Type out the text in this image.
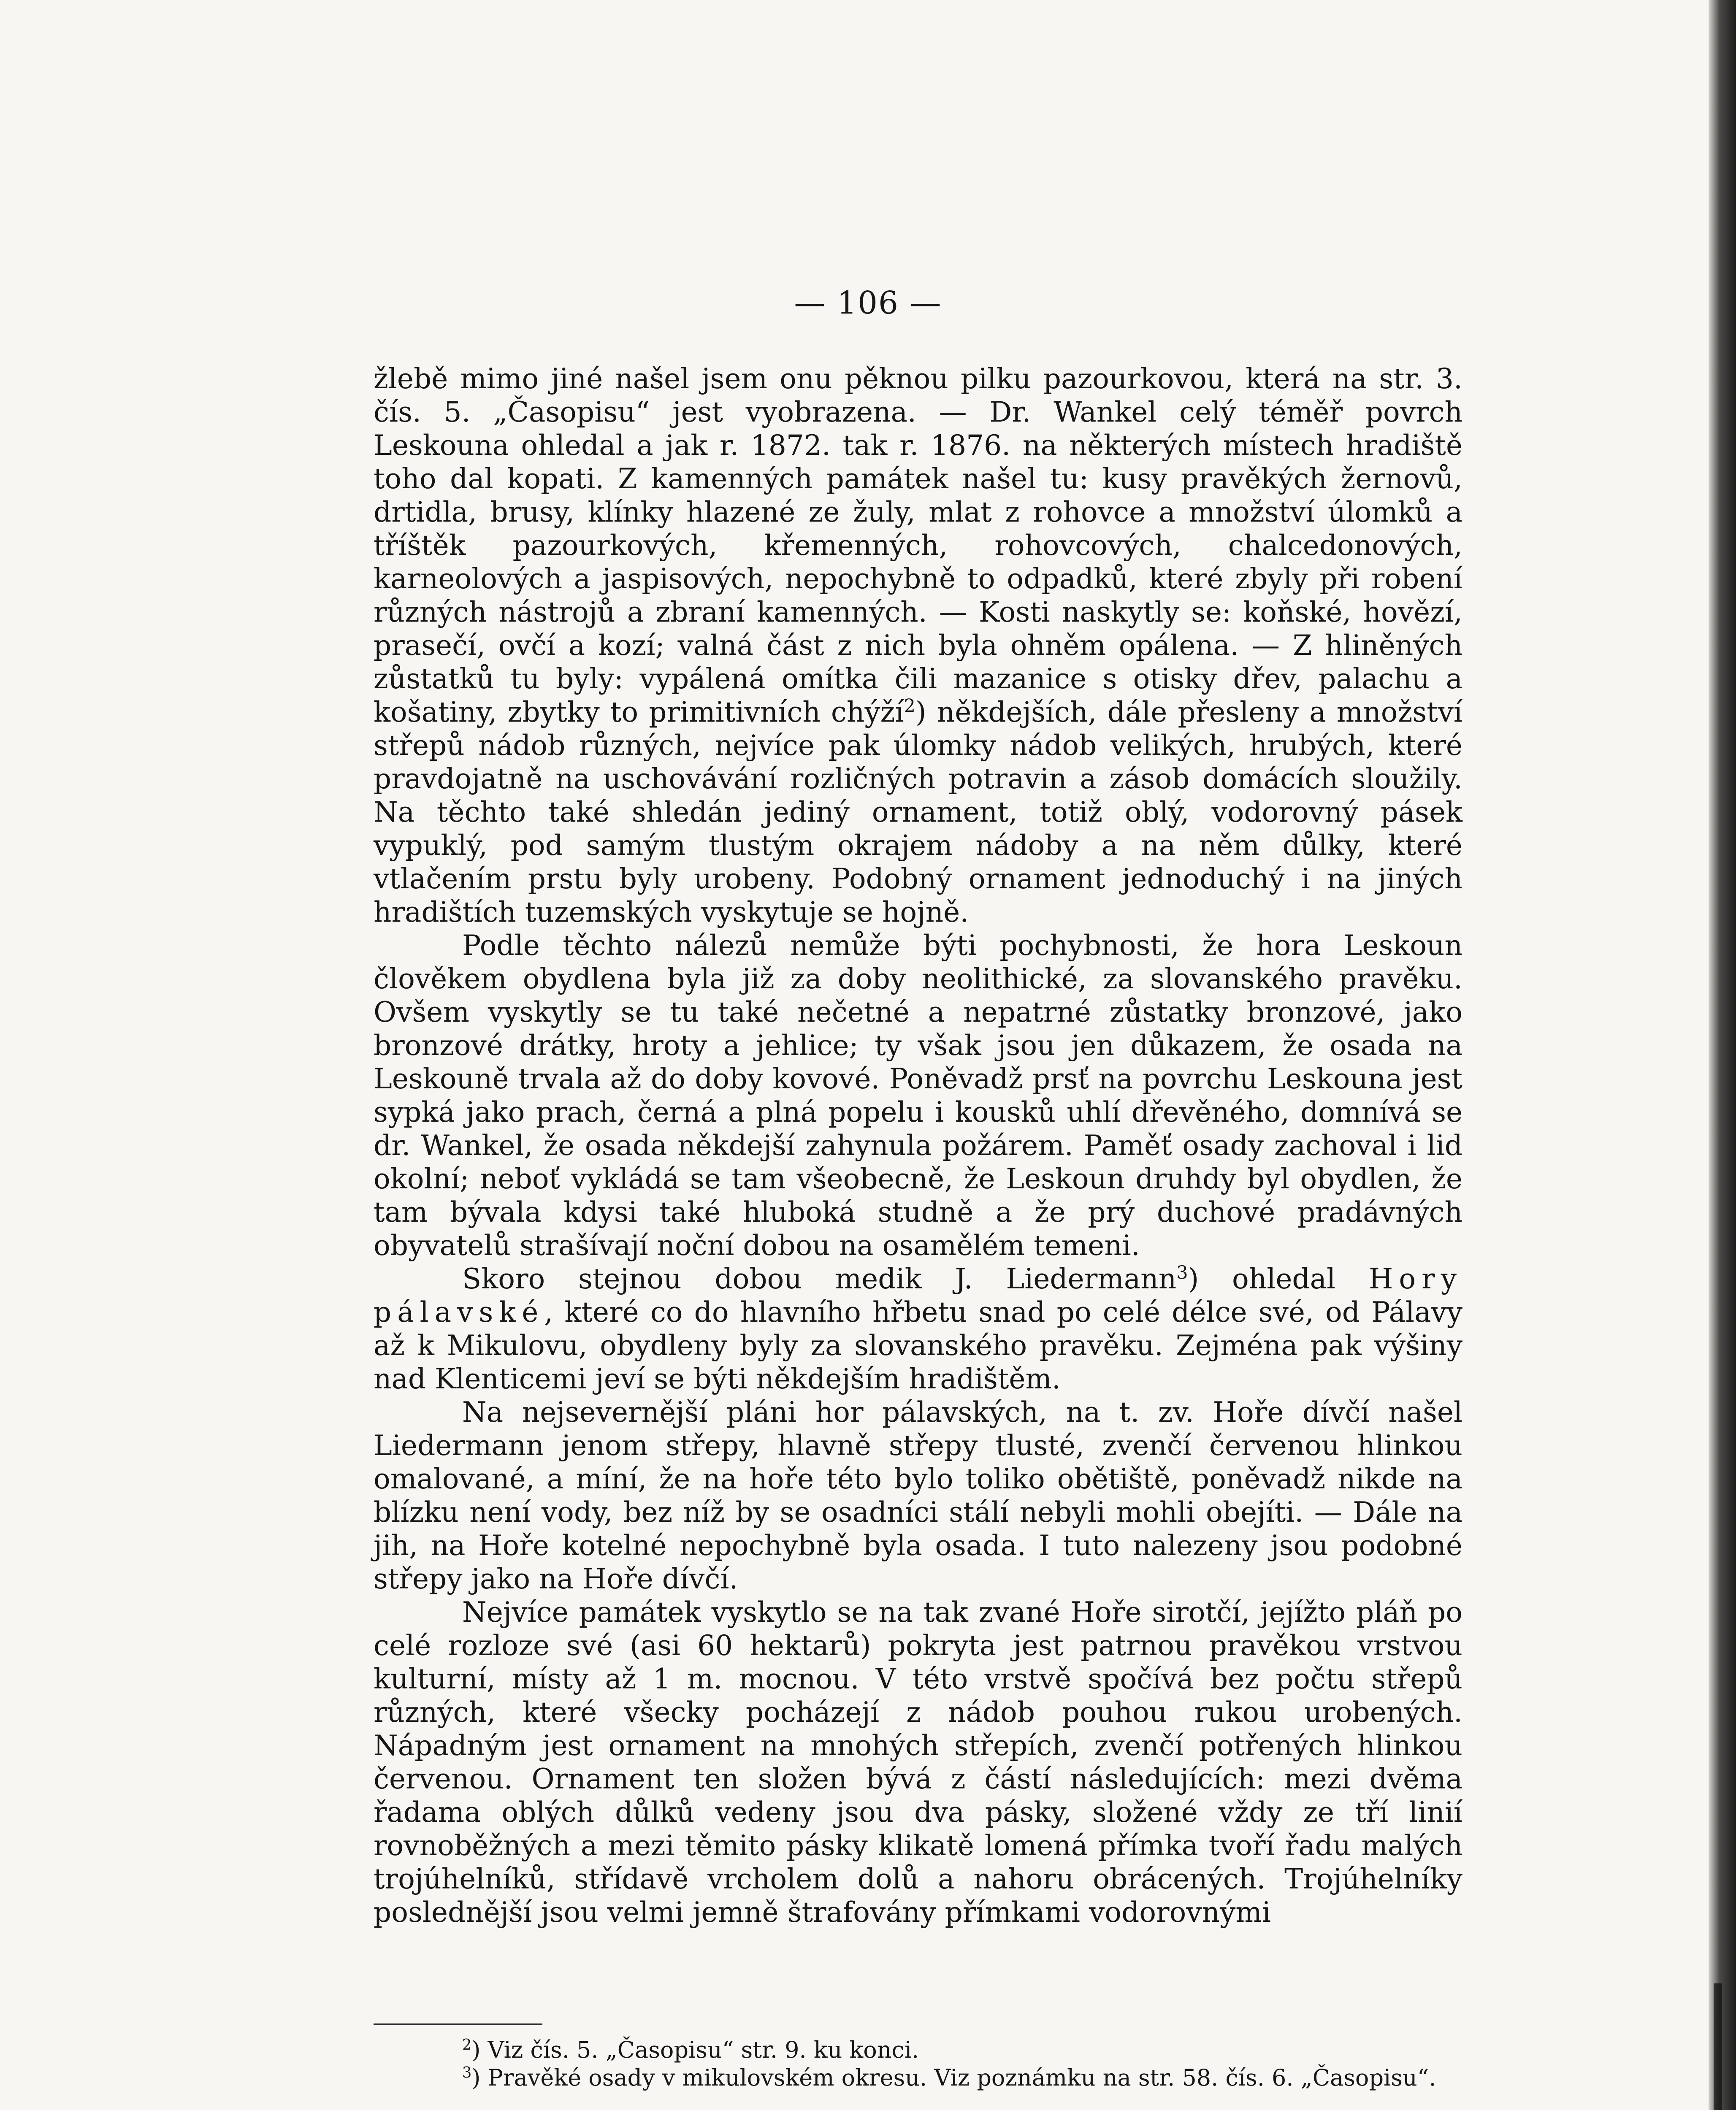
— 106 —

žlebě mimo jiné našel jsem onu pěknou pilku pazourkovou, která na str. 3. čís. 5. „Časopisu“ jest vyobrazena. — Dr. Wankel celý téměř povrch Leskouna ohledal a jak r. 1872. tak r. 1876. na některých místech hradiště toho dal kopati. Z kamenných památek našel tu: kusy pravěkých žernovů, drtidla, brusy, klínky hlazené ze žuly, mlat z rohovce a množství úlomků a tříštěk pazourkových, křemenných, rohovcových, chalcedonových, karneolových a jaspisových, nepochybně to odpadků, které zbyly při robení různých nástrojů a zbraní kamenných. — Kosti naskytly se: koňské, hovězí, prasečí, ovčí a kozí; valná část z nich byla ohněm opálena. — Z hliněných zůstatků tu byly: vypálená omítka čili mazanice s otisky dřev, palachu a košatiny, zbytky to primitivních chýží$^2$) někdejších, dále přesleny a množství střepů nádob různých, nejvíce pak úlomky nádob velikých, hrubých, které pravdojatně na uschovávání rozličných potravin a zásob domácích sloužily. Na těchto také shledán jediný ornament, totiž oblý, vodorovný pásek vypuklý, pod samým tlustým okrajem nádoby a na něm důlky, které vtlačením prstu byly urobeny. Podobný ornament jednoduchý i na jiných hradištích tuzemských vyskytuje se hojně.

Podle těchto nálezů nemůže býti pochybnosti, že hora Leskoun člověkem obydlena byla již za doby neolithické, za slovanského pravěku. Ovšem vyskytly se tu také nečetné a nepatrné zůstatky bronzové, jako bronzové drátky, hroty a jehlice; ty však jsou jen důkazem, že osada na Leskouně trvala až do doby kovové. Poněvadž prsť na povrchu Leskouna jest sypká jako prach, černá a plná popelu i kousků uhlí dřevěného, domnívá se dr. Wankel, že osada někdejší zahynula požárem. Paměť osady zachoval i lid okolní; neboť vykládá se tam všeobecně, že Leskoun druhdy byl obydlen, že tam bývala kdysi také hluboká studně a že prý duchové pradávných obyvatelů strašívají noční dobou na osamělém temeni.

Skoro stejnou dobou medik J. Liedermann$^3$) ohledal Hory pálavské, které co do hlavního hřbetu snad po celé délce své, od Pálavy až k Mikulovu, obydleny byly za slovanského pravěku. Zejména pak výšiny nad Klenticemi jeví se býti někdejším hradištěm.

Na nejsevernější pláni hor pálavských, na t. zv. Hoře dívčí našel Liedermann jenom střepy, hlavně střepy tlusté, zvenčí červenou hlinkou omalované, a míní, že na hoře této bylo toliko obětiště, poněvadž nikde na blízku není vody, bez níž by se osadníci stálí nebyli mohli obejíti. — Dále na jih, na Hoře kotelné nepochybně byla osada. I tuto nalezeny jsou podobné střepy jako na Hoře dívčí.

Nejvíce památek vyskytlo se na tak zvané Hoře sirotčí, jejížto pláň po celé rozloze své (asi 60 hektarů) pokryta jest patrnou pravěkou vrstvou kulturní, místy až 1 m. mocnou. V této vrstvě spočívá bez počtu střepů různých, které všecky pocházejí z nádob pouhou rukou urobených. Nápadným jest ornament na mnohých střepích, zvenčí potřených hlinkou červenou. Ornament ten složen bývá z částí následujících: mezi dvěma řadama oblých důlků vedeny jsou dva pásky, složené vždy ze tří linií rovnoběžných a mezi těmito pásky klikatě lomená přímka tvoří řadu malých trojúhelníků, střídavě vrcholem dolů a nahoru obrácených. Trojúhelníky poslednější jsou velmi jemně štrafovány přímkami vodorovnými

$^2$) Viz čís. 5. „Časopisu“ str. 9. ku konci.

$^3$) Pravěké osady v mikulovském okresu. Viz poznámku na str. 58. čís. 6. „Časopisu“.
